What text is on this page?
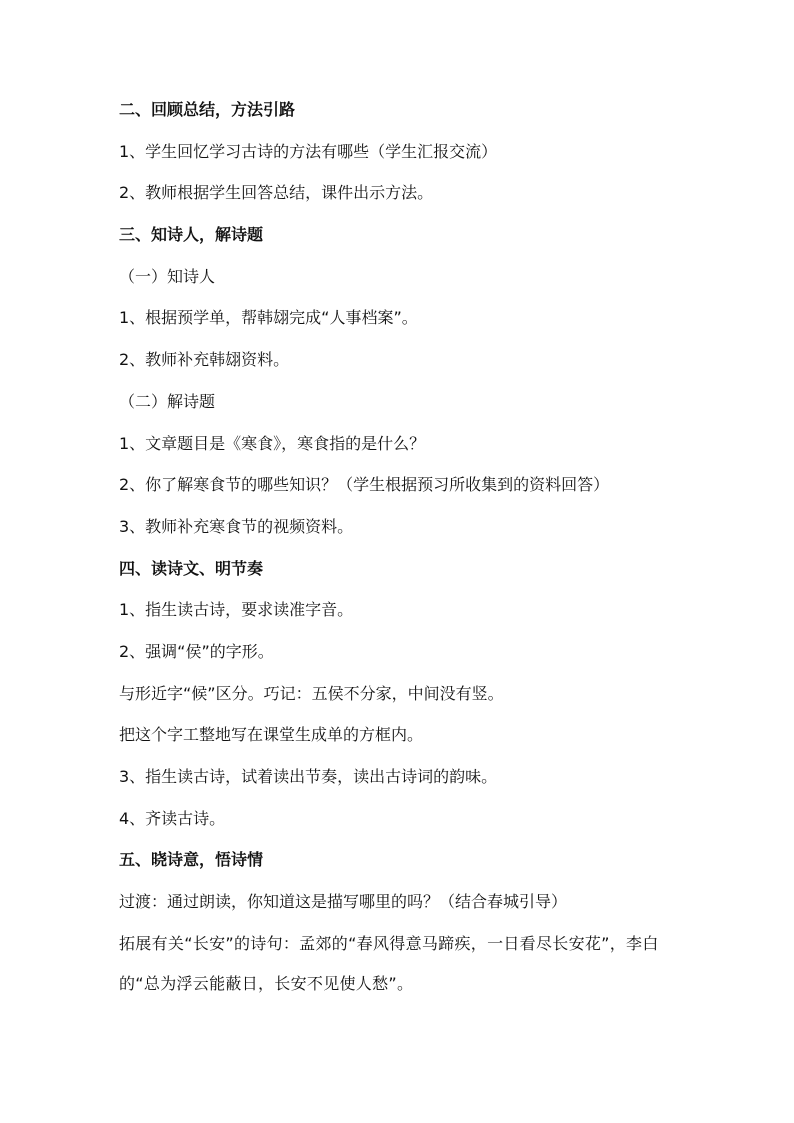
二、回顾总结，方法引路
1、学生回忆学习古诗的方法有哪些（学生汇报交流）
2、教师根据学生回答总结，课件出示方法。
三、知诗人，解诗题
（一）知诗人
1、根据预学单，帮韩翃完成“人事档案”。
2、教师补充韩翃资料。
（二）解诗题
1、文章题目是《寒食》，寒食指的是什么？
2、你了解寒食节的哪些知识？（学生根据预习所收集到的资料回答）
3、教师补充寒食节的视频资料。
四、读诗文、明节奏
1、指生读古诗，要求读准字音。
2、强调“侯”的字形。
与形近字“候”区分。巧记：五侯不分家，中间没有竖。
把这个字工整地写在课堂生成单的方框内。
3、指生读古诗，试着读出节奏，读出古诗词的韵味。
4、齐读古诗。
五、晓诗意，悟诗情
过渡：通过朗读，你知道这是描写哪里的吗？（结合春城引导）
拓展有关“长安”的诗句：孟郊的“春风得意马蹄疾，一日看尽长安花”，李白的“总为浮云能蔽日，长安不见使人愁”。
